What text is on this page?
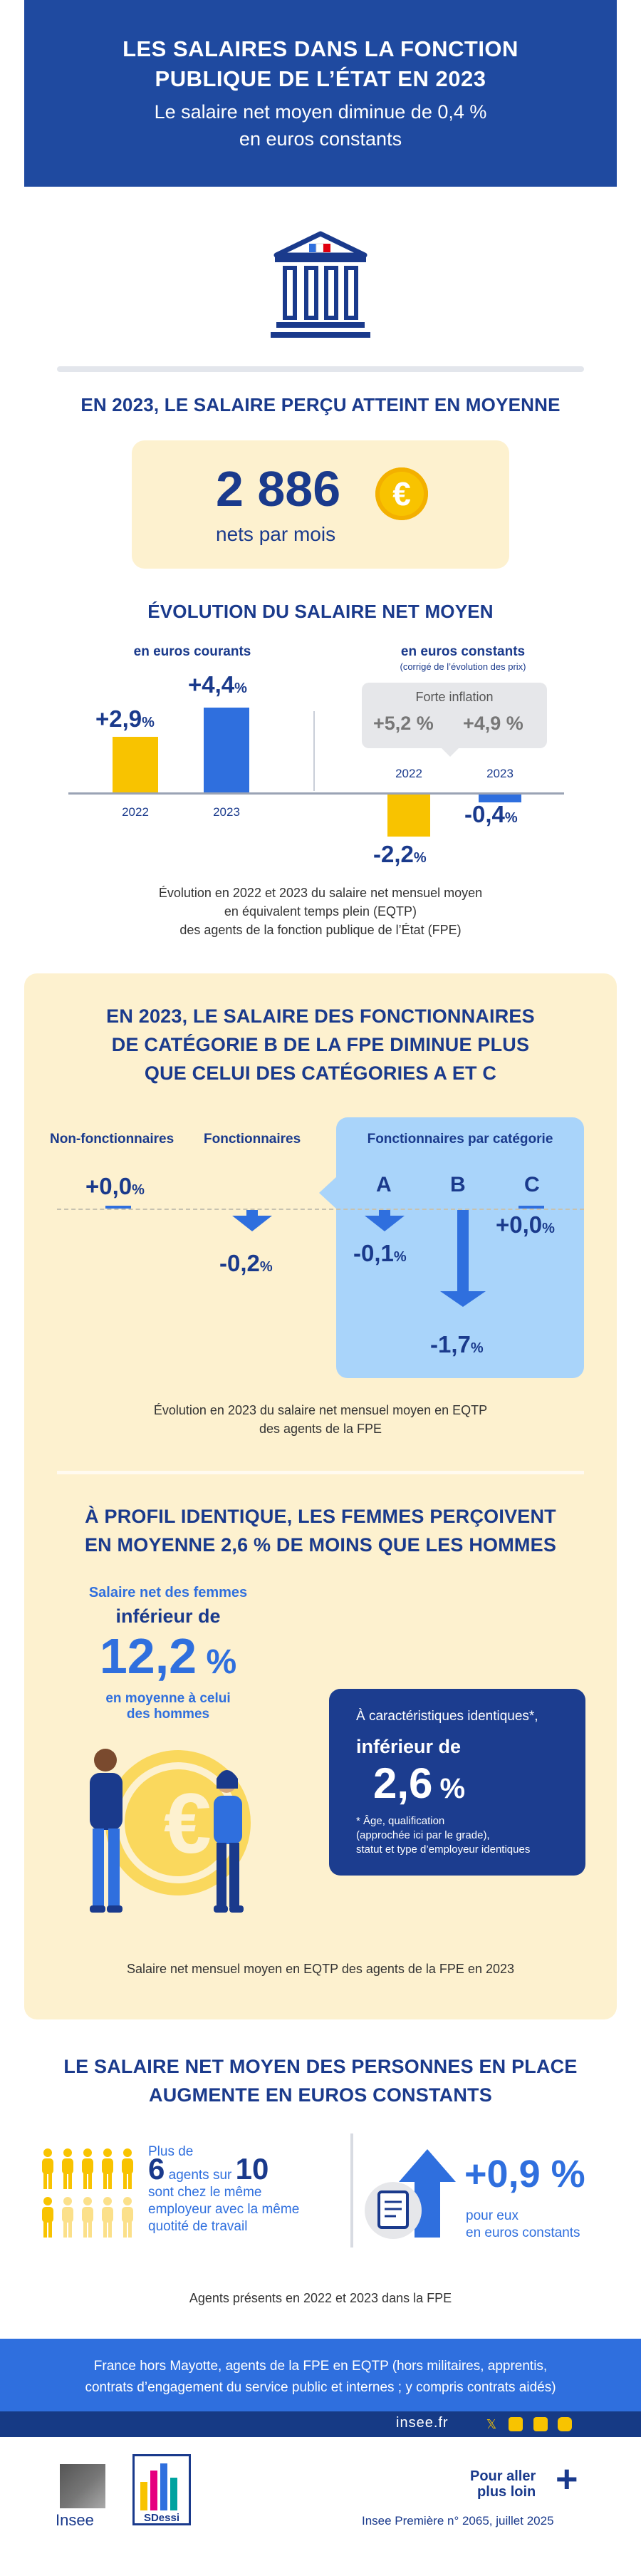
LES SALAIRES DANS LA FONCTION
PUBLIQUE DE L’ÉTAT EN 2023
Le salaire net moyen diminue de 0,4 %
en euros constants
EN 2023, LE SALAIRE PERÇU ATTEINT EN MOYENNE
2 886	€
nets par mois
ÉVOLUTION DU SALAIRE NET MOYEN
en euros courants	en euros constants
(corrigé de l’évolution des prix)
+2,9%
+4,4%
2022	2023
Forte inflation
+5,2 % +4,9 %
2022	2023
-2,2%
-0,4%
Évolution en 2022 et 2023 du salaire net mensuel moyen
en équivalent temps plein (EQTP)
des agents de la fonction publique de l’État (FPE)
EN 2023, LE SALAIRE DES FONCTIONNAIRES
DE CATÉGORIE B DE LA FPE DIMINUE PLUS
QUE CELUI DES CATÉGORIES A ET C
Non-fonctionnaires Fonctionnaires	Fonctionnaires par catégorie
+0,0%
-0,2%
A	B	C
-0,1%
-1,7%
+0,0%
Évolution en 2023 du salaire net mensuel moyen en EQTP
des agents de la FPE
À PROFIL IDENTIQUE, LES FEMMES PERÇOIVENT
EN MOYENNE 2,6 % DE MOINS QUE LES HOMMES
Salaire net des femmes
inférieur de
12,2 %
en moyenne à celui
des hommes
€
À caractéristiques identiques*,
inférieur de
2,6 %
* Âge, qualification
(approchée ici par le grade),
statut et type d’employeur identiques
Salaire net mensuel moyen en EQTP des agents de la FPE en 2023
LE SALAIRE NET MOYEN DES PERSONNES EN PLACE
AUGMENTE EN EUROS CONSTANTS
Plus de
6 agents sur 10
sont chez le même
employeur avec la même
quotité de travail
+0,9 %
pour eux
en euros constants
Agents présents en 2022 et 2023 dans la FPE
France hors Mayotte, agents de la FPE en EQTP (hors militaires, apprentis,
contrats d’engagement du service public et internes ; y compris contrats aidés)
insee.fr	𝕏
Insee	SDessi
Pour aller
plus loin +
Insee Première n° 2065, juillet 2025
